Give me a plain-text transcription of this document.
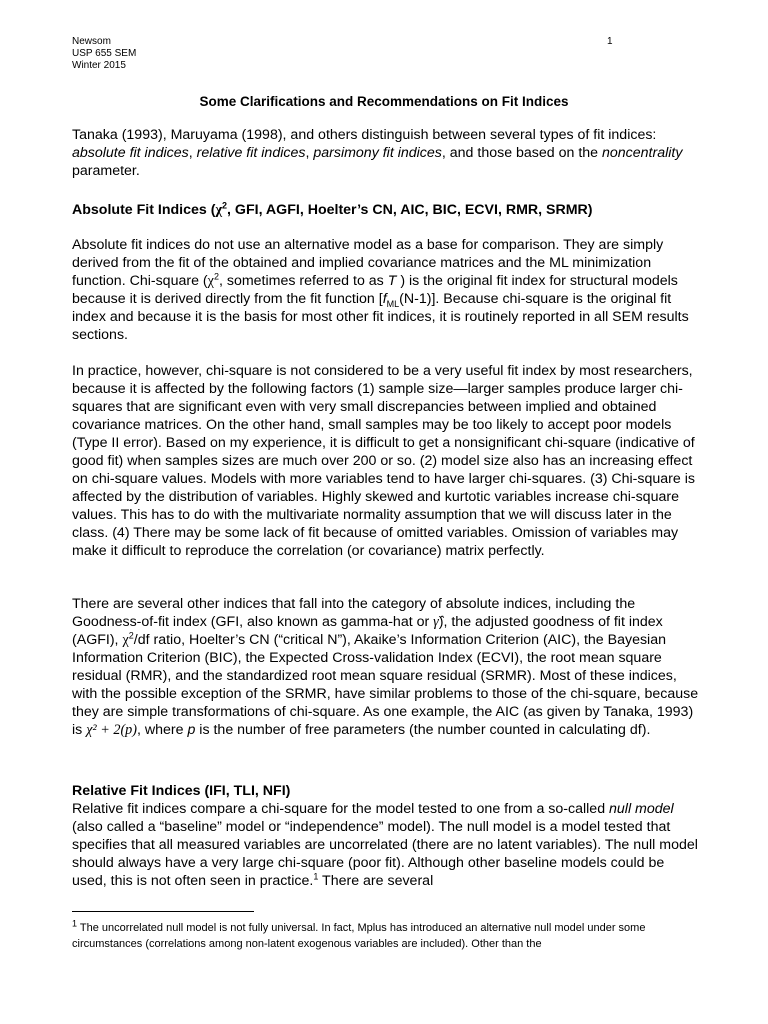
Newsom
USP 655 SEM
Winter 2015
1
Some Clarifications and Recommendations on Fit Indices
Tanaka (1993), Maruyama (1998), and others distinguish between several types of fit indices: absolute fit indices, relative fit indices, parsimony fit indices, and those based on the noncentrality parameter.
Absolute Fit Indices ($\chi^2$, GFI, AGFI, Hoelter’s CN, AIC, BIC, ECVI, RMR, SRMR)
Absolute fit indices do not use an alternative model as a base for comparison. They are simply derived from the fit of the obtained and implied covariance matrices and the ML minimization function. Chi-square ($\chi^2$, sometimes referred to as T ) is the original fit index for structural models because it is derived directly from the fit function $[f_{ML}(N-1)]$. Because chi-square is the original fit index and because it is the basis for most other fit indices, it is routinely reported in all SEM results sections.
In practice, however, chi-square is not considered to be a very useful fit index by most researchers, because it is affected by the following factors (1) sample size—larger samples produce larger chi-squares that are significant even with very small discrepancies between implied and obtained covariance matrices. On the other hand, small samples may be too likely to accept poor models (Type II error). Based on my experience, it is difficult to get a nonsignificant chi-square (indicative of good fit) when samples sizes are much over 200 or so. (2) model size also has an increasing effect on chi-square values. Models with more variables tend to have larger chi-squares. (3) Chi-square is affected by the distribution of variables. Highly skewed and kurtotic variables increase chi-square values. This has to do with the multivariate normality assumption that we will discuss later in the class. (4) There may be some lack of fit because of omitted variables. Omission of variables may make it difficult to reproduce the correlation (or covariance) matrix perfectly.
There are several other indices that fall into the category of absolute indices, including the Goodness-of-fit index (GFI, also known as gamma-hat or γ̂), the adjusted goodness of fit index (AGFI), $\chi^2/df$ ratio, Hoelter’s CN (“critical N”), Akaike’s Information Criterion (AIC), the Bayesian Information Criterion (BIC), the Expected Cross-validation Index (ECVI), the root mean square residual (RMR), and the standardized root mean square residual (SRMR). Most of these indices, with the possible exception of the SRMR, have similar problems to those of the chi-square, because they are simple transformations of chi-square. As one example, the AIC (as given by Tanaka, 1993) is χ² + 2(p), where p is the number of free parameters (the number counted in calculating df).
Relative Fit Indices (IFI, TLI, NFI)
Relative fit indices compare a chi-square for the model tested to one from a so-called null model (also called a “baseline” model or “independence” model). The null model is a model tested that specifies that all measured variables are uncorrelated (there are no latent variables). The null model should always have a very large chi-square (poor fit). Although other baseline models could be used, this is not often seen in practice.$^1$ There are several
$^1$ The uncorrelated null model is not fully universal. In fact, Mplus has introduced an alternative null model under some circumstances (correlations among non-latent exogenous variables are included). Other than the
